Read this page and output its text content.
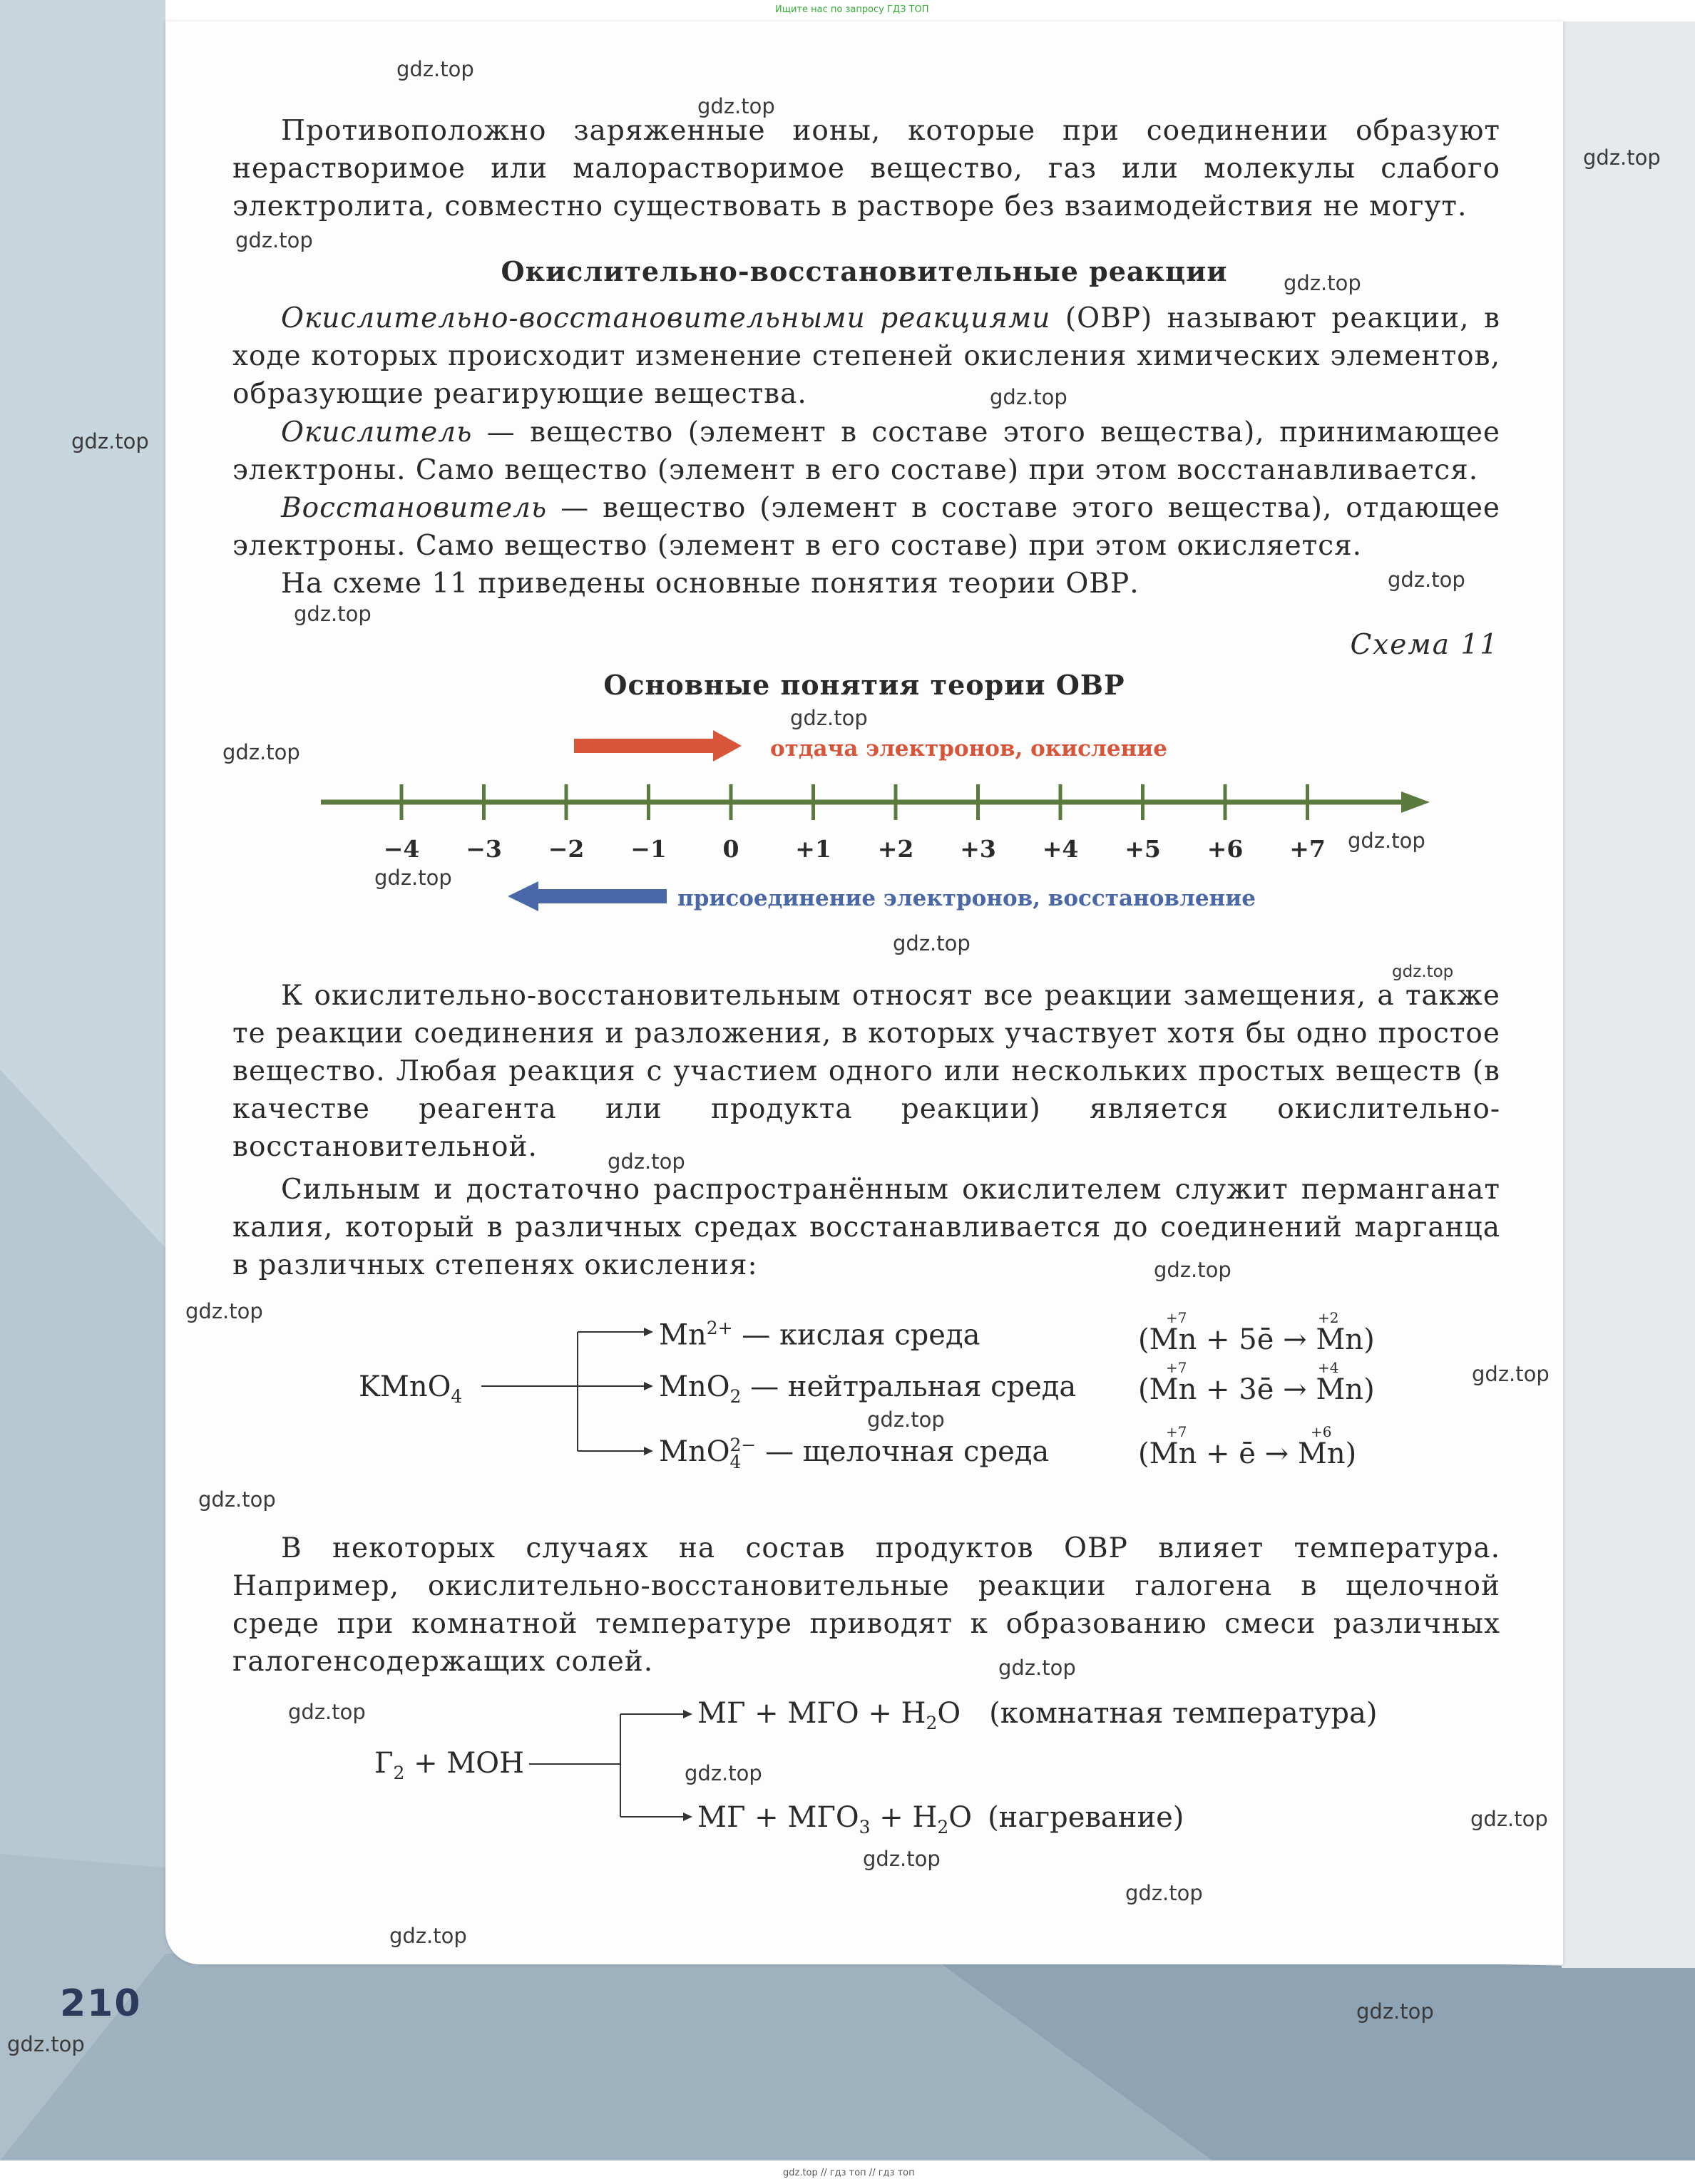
Ищите нас по запросу ГДЗ ТОП

Противоположно заряженные ионы, которые при соединении образуют нерастворимое или малорастворимое вещество, газ или молекулы слабого электролита, совместно существовать в растворе без взаимодействия не могут.

Окислительно-восстановительные реакции

Окислительно-восстановительными реакциями (ОВР) называют реакции, в ходе которых происходит изменение степеней окисления химических элементов, образующие реагирующие вещества.

Окислитель — вещество (элемент в составе этого вещества), принимающее электроны. Само вещество (элемент в его составе) при этом восстанавливается.

Восстановитель — вещество (элемент в составе этого вещества), отдающее электроны. Само вещество (элемент в его составе) при этом окисляется.

На схеме 11 приведены основные понятия теории ОВР.

Схема 11

Основные понятия теории ОВР

отдача электронов, окисление
−4 −3 −2 −1 0 +1 +2 +3 +4 +5 +6 +7
присоединение электронов, восстановление

К окислительно-восстановительным относят все реакции замещения, а также те реакции соединения и разложения, в которых участвует хотя бы одно простое вещество. Любая реакция с участием одного или нескольких простых веществ (в качестве реагента или продукта реакции) является окислительно-восстановительной.

Сильным и достаточно распространённым окислителем служит перманганат калия, который в различных средах восстанавливается до соединений марганца в различных степенях окисления:

KMnO$_4$
$Mn^{2+}$ — кислая среда
MnO$_2$ — нейтральная среда
MnO2−
4 — щелочная среда
(Mn + 5ē → Mn)
+7	+2
(Mn + 3ē → Mn)
+7	+4
(Mn + ē → Mn)
+7	+6

В некоторых случаях на состав продуктов ОВР влияет температура. Например, окислительно-восстановительные реакции галогена в щелочной среде при комнатной температуре приводят к образованию смеси различных галогенсодержащих солей.

$Г_2$ + МОН
МГ + МГО + $Н_2О$ (комнатная температура)
МГ + $МГО_3 + Н_2О$ (нагревание)
210
gdz.top // гдз топ // гдз топ
gdz.top
gdz.top
gdz.top
gdz.top
gdz.top
gdz.top
gdz.top
gdz.top
gdz.top
gdz.top
gdz.top
gdz.top
gdz.top
gdz.top
gdz.top
gdz.top
gdz.top
gdz.top
gdz.top
gdz.top
gdz.top
gdz.top
gdz.top
gdz.top
gdz.top
gdz.top
gdz.top
gdz.top
gdz.top
gdz.top
